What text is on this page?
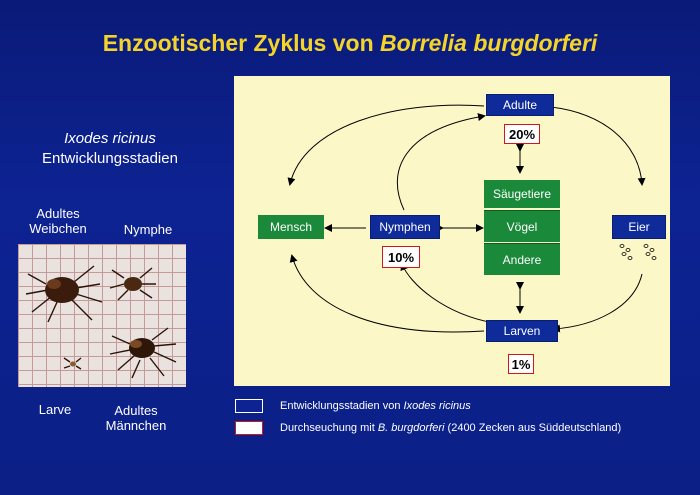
Enzootischer Zyklus von Borrelia burgdorferi
Ixodes ricinus
Entwicklungsstadien
Adultes
Weibchen	Nymphe
Larve	Adultes
Männchen
Adulte
20%
Säugetiere
Vögel
Andere
Mensch	Nymphen
10%
Eier
Larven
1%
Entwicklungsstadien von Ixodes ricinus
Durchseuchung mit B. burgdorferi (2400 Zecken aus Süddeutschland)
